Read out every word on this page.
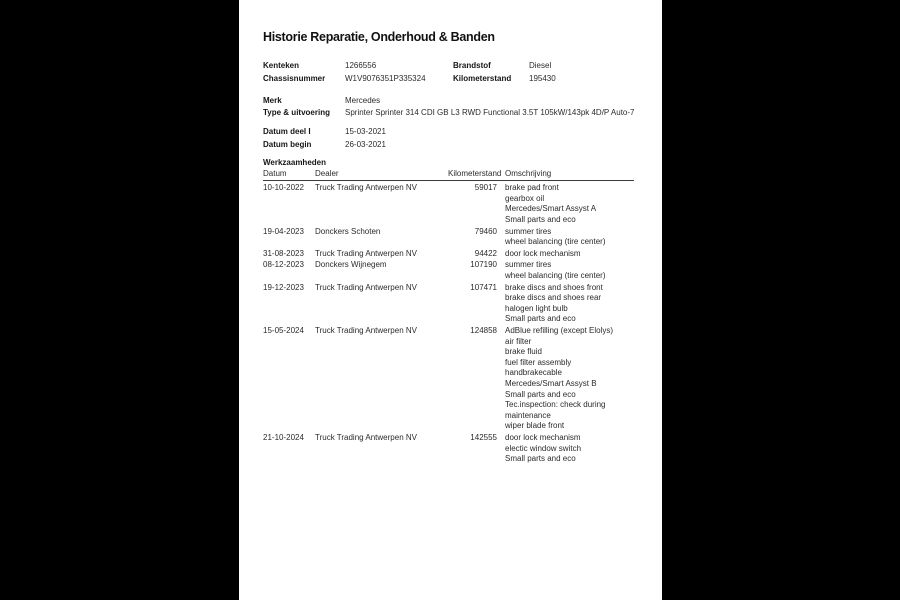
Historie Reparatie, Onderhoud & Banden
Kenteken	1266556	Brandstof	Diesel
Chassisnummer	W1V9076351P335324	Kilometerstand	195430
Merk	Mercedes
Type & uitvoering	Sprinter Sprinter 314 CDI GB L3 RWD Functional 3.5T 105kW/143pk 4D/P Auto-7
Datum deel I	15-03-2021
Datum begin	26-03-2021
Werkzaamheden
Datum	Dealer	Kilometerstand Omschrijving
10-10-2022	Truck Trading Antwerpen NV	59017 brake pad front
gearbox oil
Mercedes/Smart Assyst A
Small parts and eco
19-04-2023	Donckers Schoten	79460 summer tires
wheel balancing (tire center)
31-08-2023	Truck Trading Antwerpen NV	94422 door lock mechanism
08-12-2023	Donckers Wijnegem	107190 summer tires
wheel balancing (tire center)
19-12-2023	Truck Trading Antwerpen NV	107471 brake discs and shoes front
brake discs and shoes rear
halogen light bulb
Small parts and eco
15-05-2024	Truck Trading Antwerpen NV	124858 AdBlue refilling (except Elolys)
air filter
brake fluid
fuel filter assembly
handbrakecable
Mercedes/Smart Assyst B
Small parts and eco
Tec.inspection: check during maintenance
wiper blade front
21-10-2024	Truck Trading Antwerpen NV	142555 door lock mechanism
electic window switch
Small parts and eco
